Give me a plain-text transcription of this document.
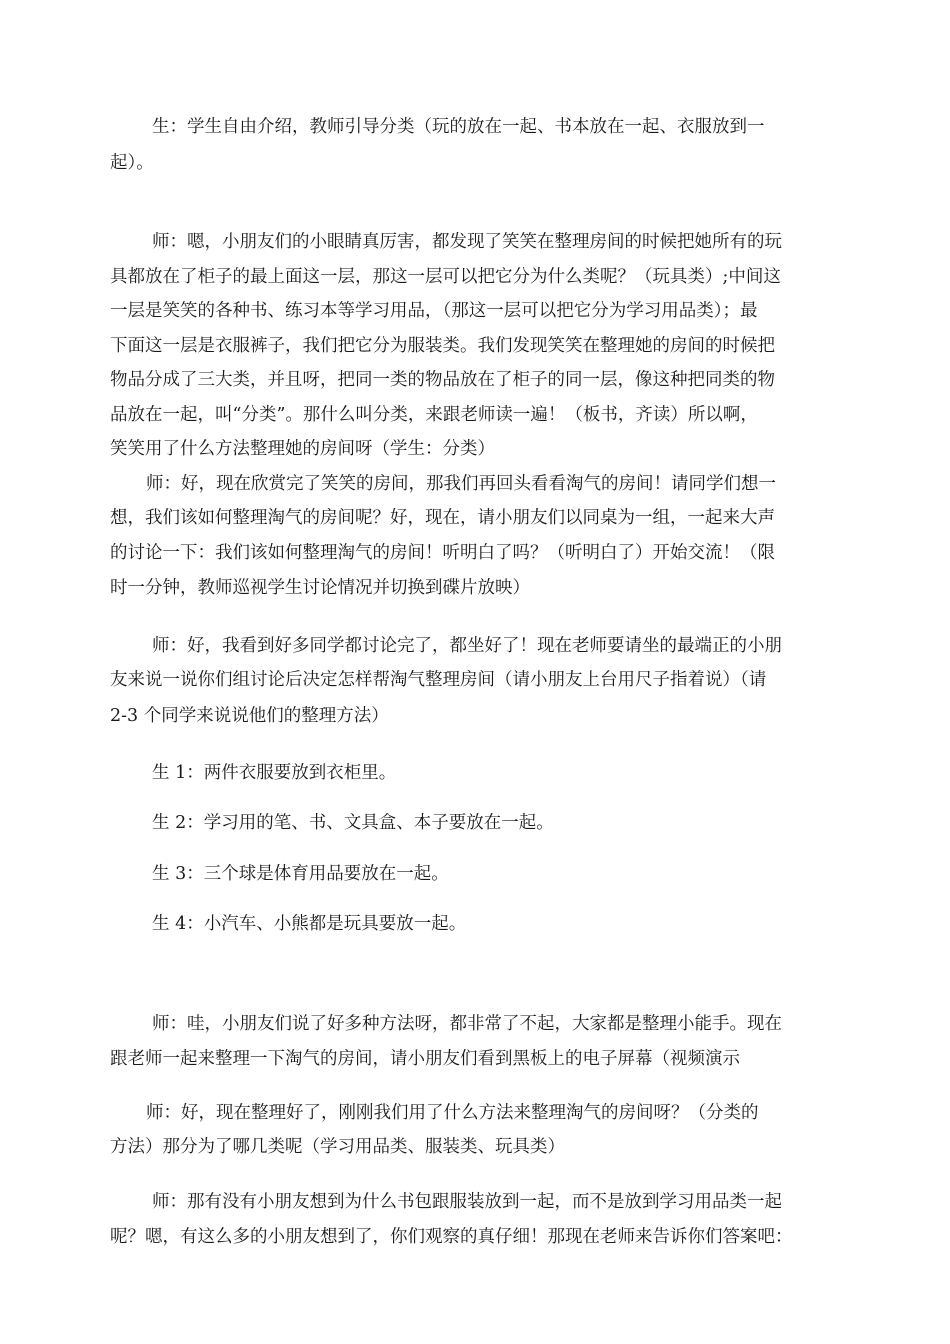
生：学生自由介绍，教师引导分类（玩的放在一起、书本放在一起、衣服放到一
起）。
师：嗯，小朋友们的小眼睛真厉害，都发现了笑笑在整理房间的时候把她所有的玩
具都放在了柜子的最上面这一层，那这一层可以把它分为什么类呢？（玩具类）;中间这
一层是笑笑的各种书、练习本等学习用品，（那这一层可以把它分为学习用品类）；最
下面这一层是衣服裤子，我们把它分为服装类。我们发现笑笑在整理她的房间的时候把
物品分成了三大类，并且呀，把同一类的物品放在了柜子的同一层，像这种把同类的物
品放在一起，叫“分类”。那什么叫分类，来跟老师读一遍！（板书，齐读）所以啊，
笑笑用了什么方法整理她的房间呀（学生：分类）
师：好，现在欣赏完了笑笑的房间，那我们再回头看看淘气的房间！请同学们想一
想，我们该如何整理淘气的房间呢？好，现在，请小朋友们以同桌为一组，一起来大声
的讨论一下：我们该如何整理淘气的房间！听明白了吗？（听明白了）开始交流！（限
时一分钟，教师巡视学生讨论情况并切换到碟片放映）
师：好，我看到好多同学都讨论完了，都坐好了！现在老师要请坐的最端正的小朋
友来说一说你们组讨论后决定怎样帮淘气整理房间（请小朋友上台用尺子指着说）（请
2-3 个同学来说说他们的整理方法）
生 1：两件衣服要放到衣柜里。
生 2：学习用的笔、书、文具盒、本子要放在一起。
生 3：三个球是体育用品要放在一起。
生 4：小汽车、小熊都是玩具要放一起。
师：哇，小朋友们说了好多种方法呀，都非常了不起，大家都是整理小能手。现在
跟老师一起来整理一下淘气的房间，请小朋友们看到黑板上的电子屏幕（视频演示
师：好，现在整理好了，刚刚我们用了什么方法来整理淘气的房间呀？（分类的
方法）那分为了哪几类呢（学习用品类、服装类、玩具类）
师：那有没有小朋友想到为什么书包跟服装放到一起，而不是放到学习用品类一起
呢？嗯，有这么多的小朋友想到了，你们观察的真仔细！那现在老师来告诉你们答案吧：
